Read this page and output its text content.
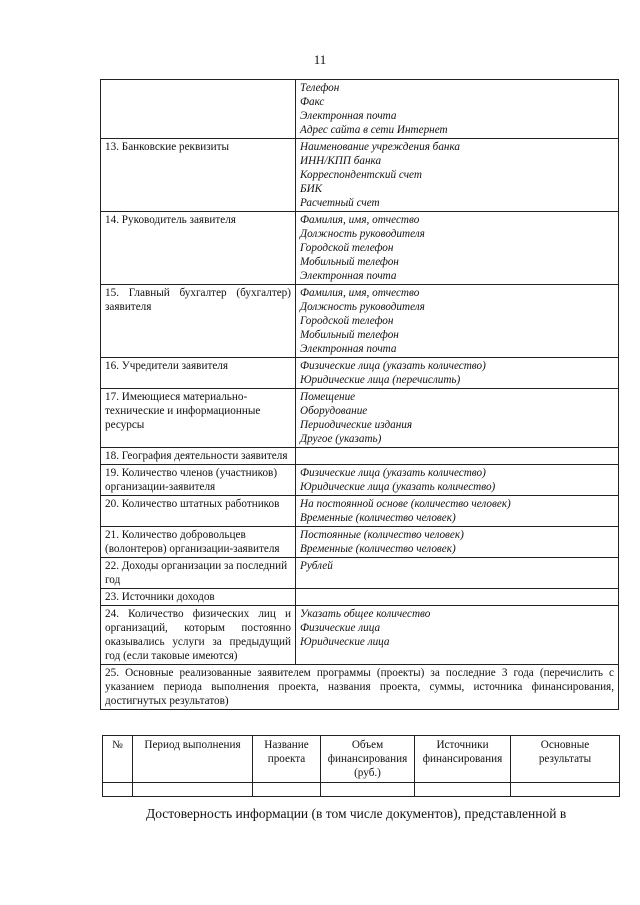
11

	Телефон
Факс
Электронная почта
Адрес сайта в сети Интернет

13. Банковские реквизиты	Наименование учреждения банка
ИНН/КПП банка
Корреспондентский счет
БИК
Расчетный счет

14. Руководитель заявителя	Фамилия, имя, отчество
Должность руководителя
Городской телефон
Мобильный телефон
Электронная почта

15. Главный бухгалтер (бухгалтер) заявителя	Фамилия, имя, отчество
Должность руководителя
Городской телефон
Мобильный телефон
Электронная почта

16. Учредители заявителя	Физические лица (указать количество)
Юридические лица (перечислить)

17. Имеющиеся материально-технические и информационные ресурсы	Помещение
Оборудование
Периодические издания
Другое (указать)

18. География деятельности заявителя	
19. Количество членов (участников) организации-заявителя	Физические лица (указать количество)
Юридические лица (указать количество)

20. Количество штатных работников	На постоянной основе (количество человек)
Временные (количество человек)

21. Количество добровольцев (волонтеров) организации-заявителя	Постоянные (количество человек)
Временные (количество человек)

22. Доходы организации за последний год	Рублей

23. Источники доходов	
24. Количество физических лиц и организаций, которым постоянно оказывались услуги за предыдущий год (если таковые имеются)	Указать общее количество
Физические лица
Юридические лица

25. Основные реализованные заявителем программы (проекты) за последние 3 года (перечислить с указанием периода выполнения проекта, названия проекта, суммы, источника финансирования, достигнутых результатов)	
№	Период выполнения	Название проекта	Объем финансирования (руб.)	Источники финансирования	Основные результаты

Достоверность информации (в том числе документов), представленной в
